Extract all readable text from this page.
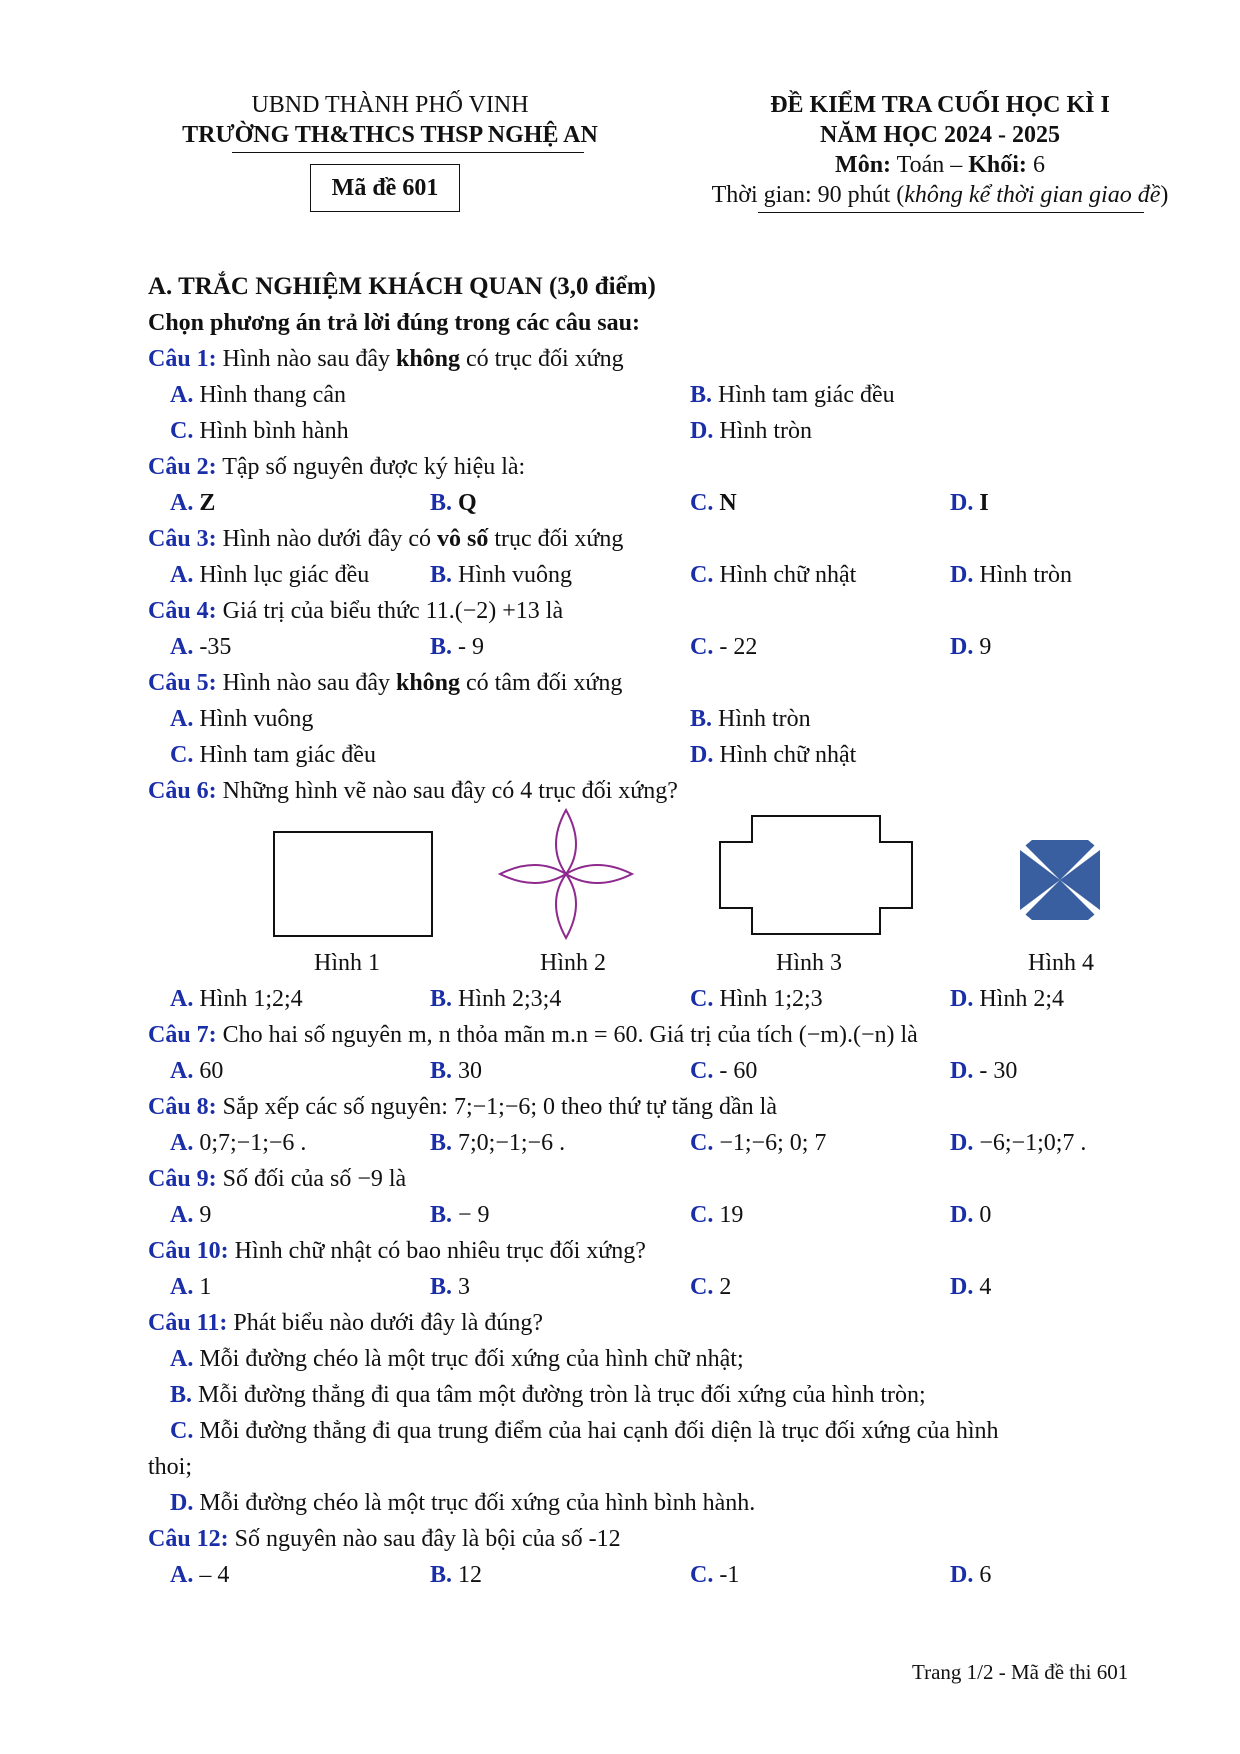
UBND THÀNH PHỐ VINH
TRƯỜNG TH&THCS THSP NGHỆ AN
Mã đề 601
ĐỀ KIỂM TRA CUỐI HỌC KÌ I
NĂM HỌC 2024 - 2025
Môn: Toán – Khối: 6
Thời gian: 90 phút (không kể thời gian giao đề)
A. TRẮC NGHIỆM KHÁCH QUAN (3,0 điểm)
Chọn phương án trả lời đúng trong các câu sau:
Câu 1: Hình nào sau đây không có trục đối xứng
A. Hình thang cân	B. Hình tam giác đều
C. Hình bình hành	D. Hình tròn
Câu 2: Tập số nguyên được ký hiệu là:
A. Z	B. Q	C. N	D. I
Câu 3: Hình nào dưới đây có vô số trục đối xứng
A. Hình lục giác đều	B. Hình vuông	C. Hình chữ nhật	D. Hình tròn
Câu 4: Giá trị của biểu thức 11.(−2) +13 là
A. -35	B. - 9	C. - 22	D. 9
Câu 5: Hình nào sau đây không có tâm đối xứng
A. Hình vuông	B. Hình tròn
C. Hình tam giác đều	D. Hình chữ nhật
Câu 6: Những hình vẽ nào sau đây có 4 trục đối xứng?
Hình 1	Hình 2	Hình 3	Hình 4
A. Hình 1;2;4	B. Hình 2;3;4	C. Hình 1;2;3	D. Hình 2;4
Câu 7: Cho hai số nguyên m, n thỏa mãn m.n = 60. Giá trị của tích (−m).(−n) là
A. 60	B. 30	C. - 60	D. - 30
Câu 8: Sắp xếp các số nguyên: 7;−1;−6; 0 theo thứ tự tăng dần là
A. 0;7;−1;−6 .	B. 7;0;−1;−6 .	C. −1;−6; 0; 7	D. −6;−1;0;7 .
Câu 9: Số đối của số −9 là
A. 9	B. − 9	C. 19	D. 0
Câu 10: Hình chữ nhật có bao nhiêu trục đối xứng?
A. 1	B. 3	C. 2	D. 4
Câu 11: Phát biểu nào dưới đây là đúng?
A. Mỗi đường chéo là một trục đối xứng của hình chữ nhật;
B. Mỗi đường thẳng đi qua tâm một đường tròn là trục đối xứng của hình tròn;
C. Mỗi đường thẳng đi qua trung điểm của hai cạnh đối diện là trục đối xứng của hình
thoi;
D. Mỗi đường chéo là một trục đối xứng của hình bình hành.
Câu 12: Số nguyên nào sau đây là bội của số -12
A. – 4	B. 12	C. -1	D. 6
Trang 1/2 - Mã đề thi 601
